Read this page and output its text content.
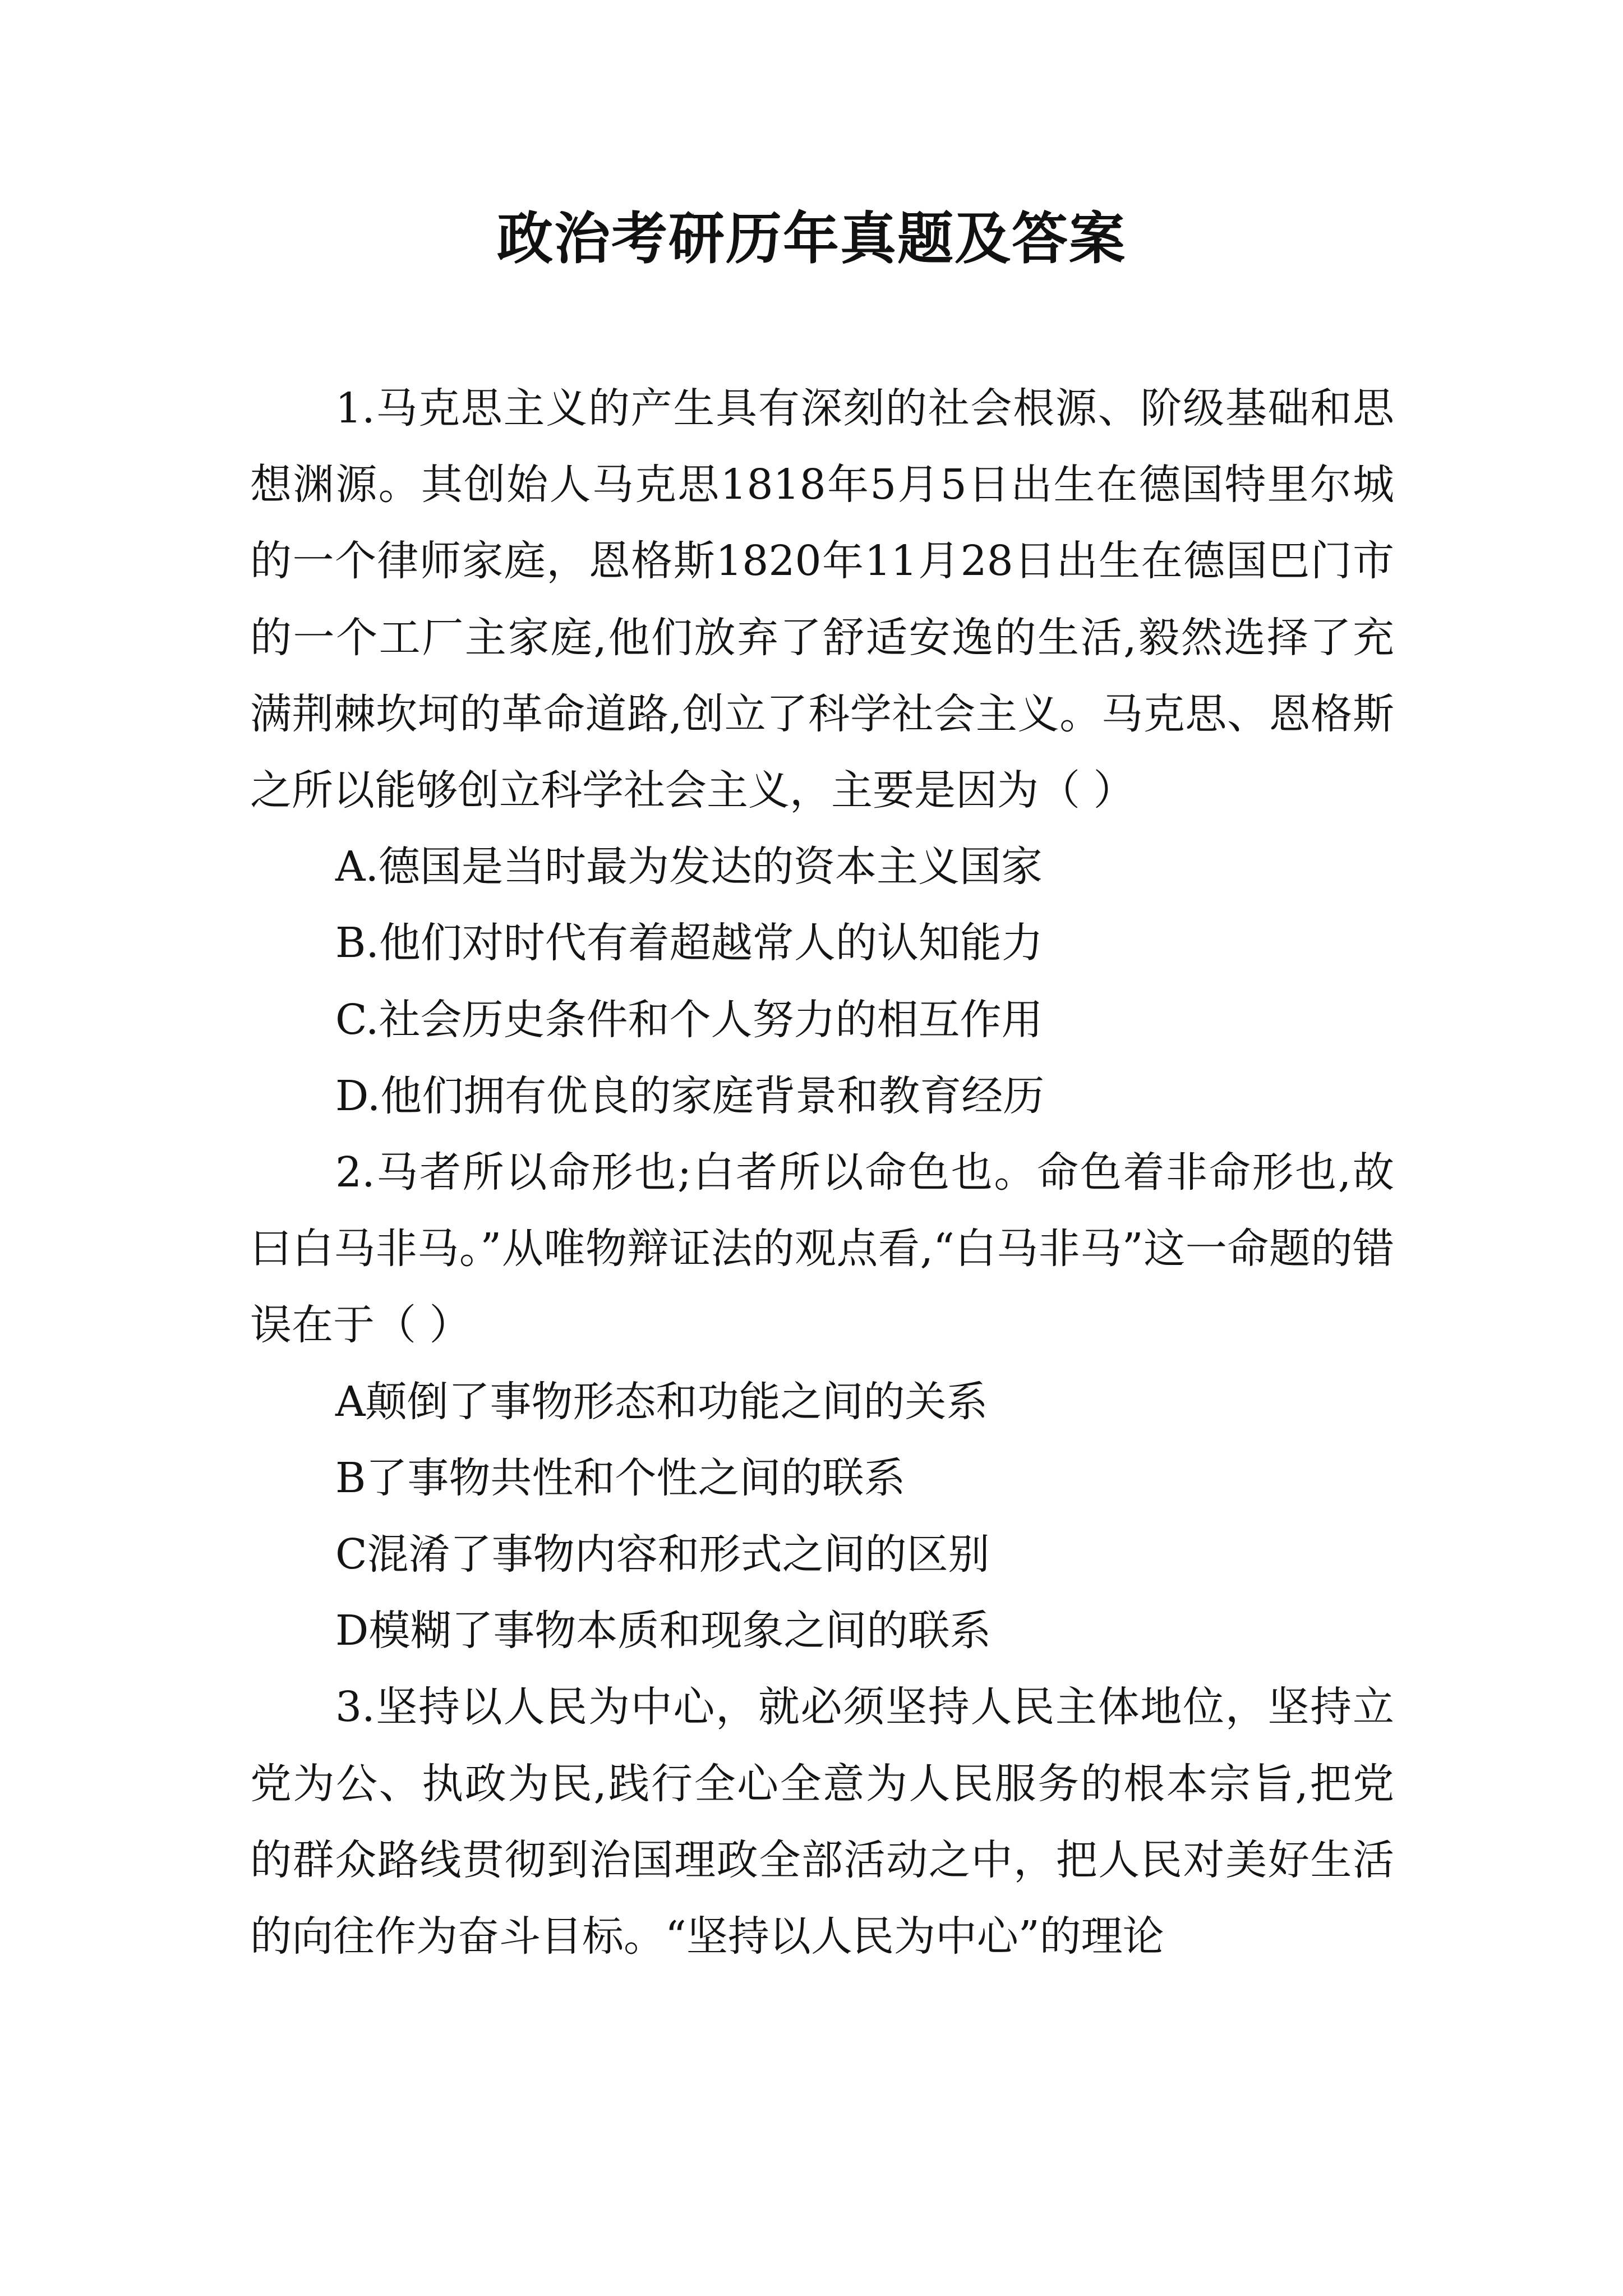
政治考研历年真题及答案

1.马克思主义的产生具有深刻的社会根源、阶级基础和思想渊源。其创始人马克思1818年5月5日出生在德国特里尔城的一个律师家庭，恩格斯1820年11月28日出生在德国巴门市的一个工厂主家庭,他们放弃了舒适安逸的生活,毅然选择了充满荆棘坎坷的革命道路,创立了科学社会主义。马克思、恩格斯之所以能够创立科学社会主义，主要是因为（ ）

A.德国是当时最为发达的资本主义国家

B.他们对时代有着超越常人的认知能力

C.社会历史条件和个人努力的相互作用

D.他们拥有优良的家庭背景和教育经历

2.马者所以命形也;白者所以命色也。命色着非命形也,故曰白马非马。”从唯物辩证法的观点看,“白马非马”这一命题的错误在于（ ）

A颠倒了事物形态和功能之间的关系

B了事物共性和个性之间的联系

C混淆了事物内容和形式之间的区别

D模糊了事物本质和现象之间的联系

3.坚持以人民为中心，就必须坚持人民主体地位，坚持立党为公、执政为民,践行全心全意为人民服务的根本宗旨,把党的群众路线贯彻到治国理政全部活动之中，把人民对美好生活的向往作为奋斗目标。“坚持以人民为中心”的理论
